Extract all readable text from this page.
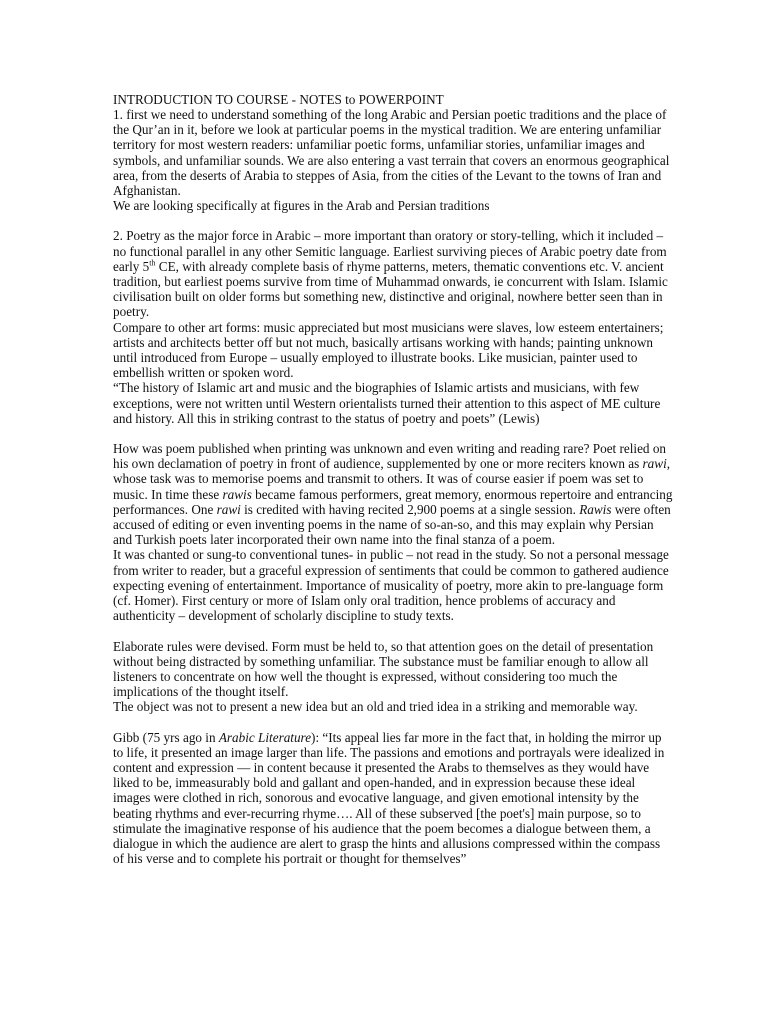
INTRODUCTION TO COURSE - NOTES to POWERPOINT

1. first we need to understand something of the long Arabic and Persian poetic traditions and the place of the Qur’an in it, before we look at particular poems in the mystical tradition. We are entering unfamiliar territory for most western readers: unfamiliar poetic forms, unfamiliar stories, unfamiliar images and symbols, and unfamiliar sounds. We are also entering a vast terrain that covers an enormous geographical area, from the deserts of Arabia to steppes of Asia, from the cities of the Levant to the towns of Iran and Afghanistan.

We are looking specifically at figures in the Arab and Persian traditions

2. Poetry as the major force in Arabic – more important than oratory or story-telling, which it included – no functional parallel in any other Semitic language. Earliest surviving pieces of Arabic poetry date from early 5th CE, with already complete basis of rhyme patterns, meters, thematic conventions etc. V. ancient tradition, but earliest poems survive from time of Muhammad onwards, ie concurrent with Islam. Islamic civilisation built on older forms but something new, distinctive and original, nowhere better seen than in poetry.

Compare to other art forms: music appreciated but most musicians were slaves, low esteem entertainers; artists and architects better off but not much, basically artisans working with hands; painting unknown until introduced from Europe – usually employed to illustrate books. Like musician, painter used to embellish written or spoken word.

“The history of Islamic art and music and the biographies of Islamic artists and musicians, with few exceptions, were not written until Western orientalists turned their attention to this aspect of ME culture and history. All this in striking contrast to the status of poetry and poets” (Lewis)

How was poem published when printing was unknown and even writing and reading rare? Poet relied on his own declamation of poetry in front of audience, supplemented by one or more reciters known as rawi, whose task was to memorise poems and transmit to others. It was of course easier if poem was set to music. In time these rawis became famous performers, great memory, enormous repertoire and entrancing performances. One rawi is credited with having recited 2,900 poems at a single session. Rawis were often accused of editing or even inventing poems in the name of so-an-so, and this may explain why Persian and Turkish poets later incorporated their own name into the final stanza of a poem.

It was chanted or sung-to conventional tunes- in public – not read in the study. So not a personal message from writer to reader, but a graceful expression of sentiments that could be common to gathered audience expecting evening of entertainment. Importance of musicality of poetry, more akin to pre-language form (cf. Homer). First century or more of Islam only oral tradition, hence problems of accuracy and authenticity – development of scholarly discipline to study texts.

Elaborate rules were devised. Form must be held to, so that attention goes on the detail of presentation without being distracted by something unfamiliar. The substance must be familiar enough to allow all listeners to concentrate on how well the thought is expressed, without considering too much the implications of the thought itself.

The object was not to present a new idea but an old and tried idea in a striking and memorable way.

Gibb (75 yrs ago in Arabic Literature): “Its appeal lies far more in the fact that, in holding the mirror up to life, it presented an image larger than life. The passions and emotions and portrayals were idealized in content and expression — in content because it presented the Arabs to themselves as they would have liked to be, immeasurably bold and gallant and open-handed, and in expression because these ideal images were clothed in rich, sonorous and evocative language, and given emotional intensity by the beating rhythms and ever-recurring rhyme…. All of these subserved [the poet's] main purpose, so to stimulate the imaginative response of his audience that the poem becomes a dialogue between them, a dialogue in which the audience are alert to grasp the hints and allusions compressed within the compass of his verse and to complete his portrait or thought for themselves”
